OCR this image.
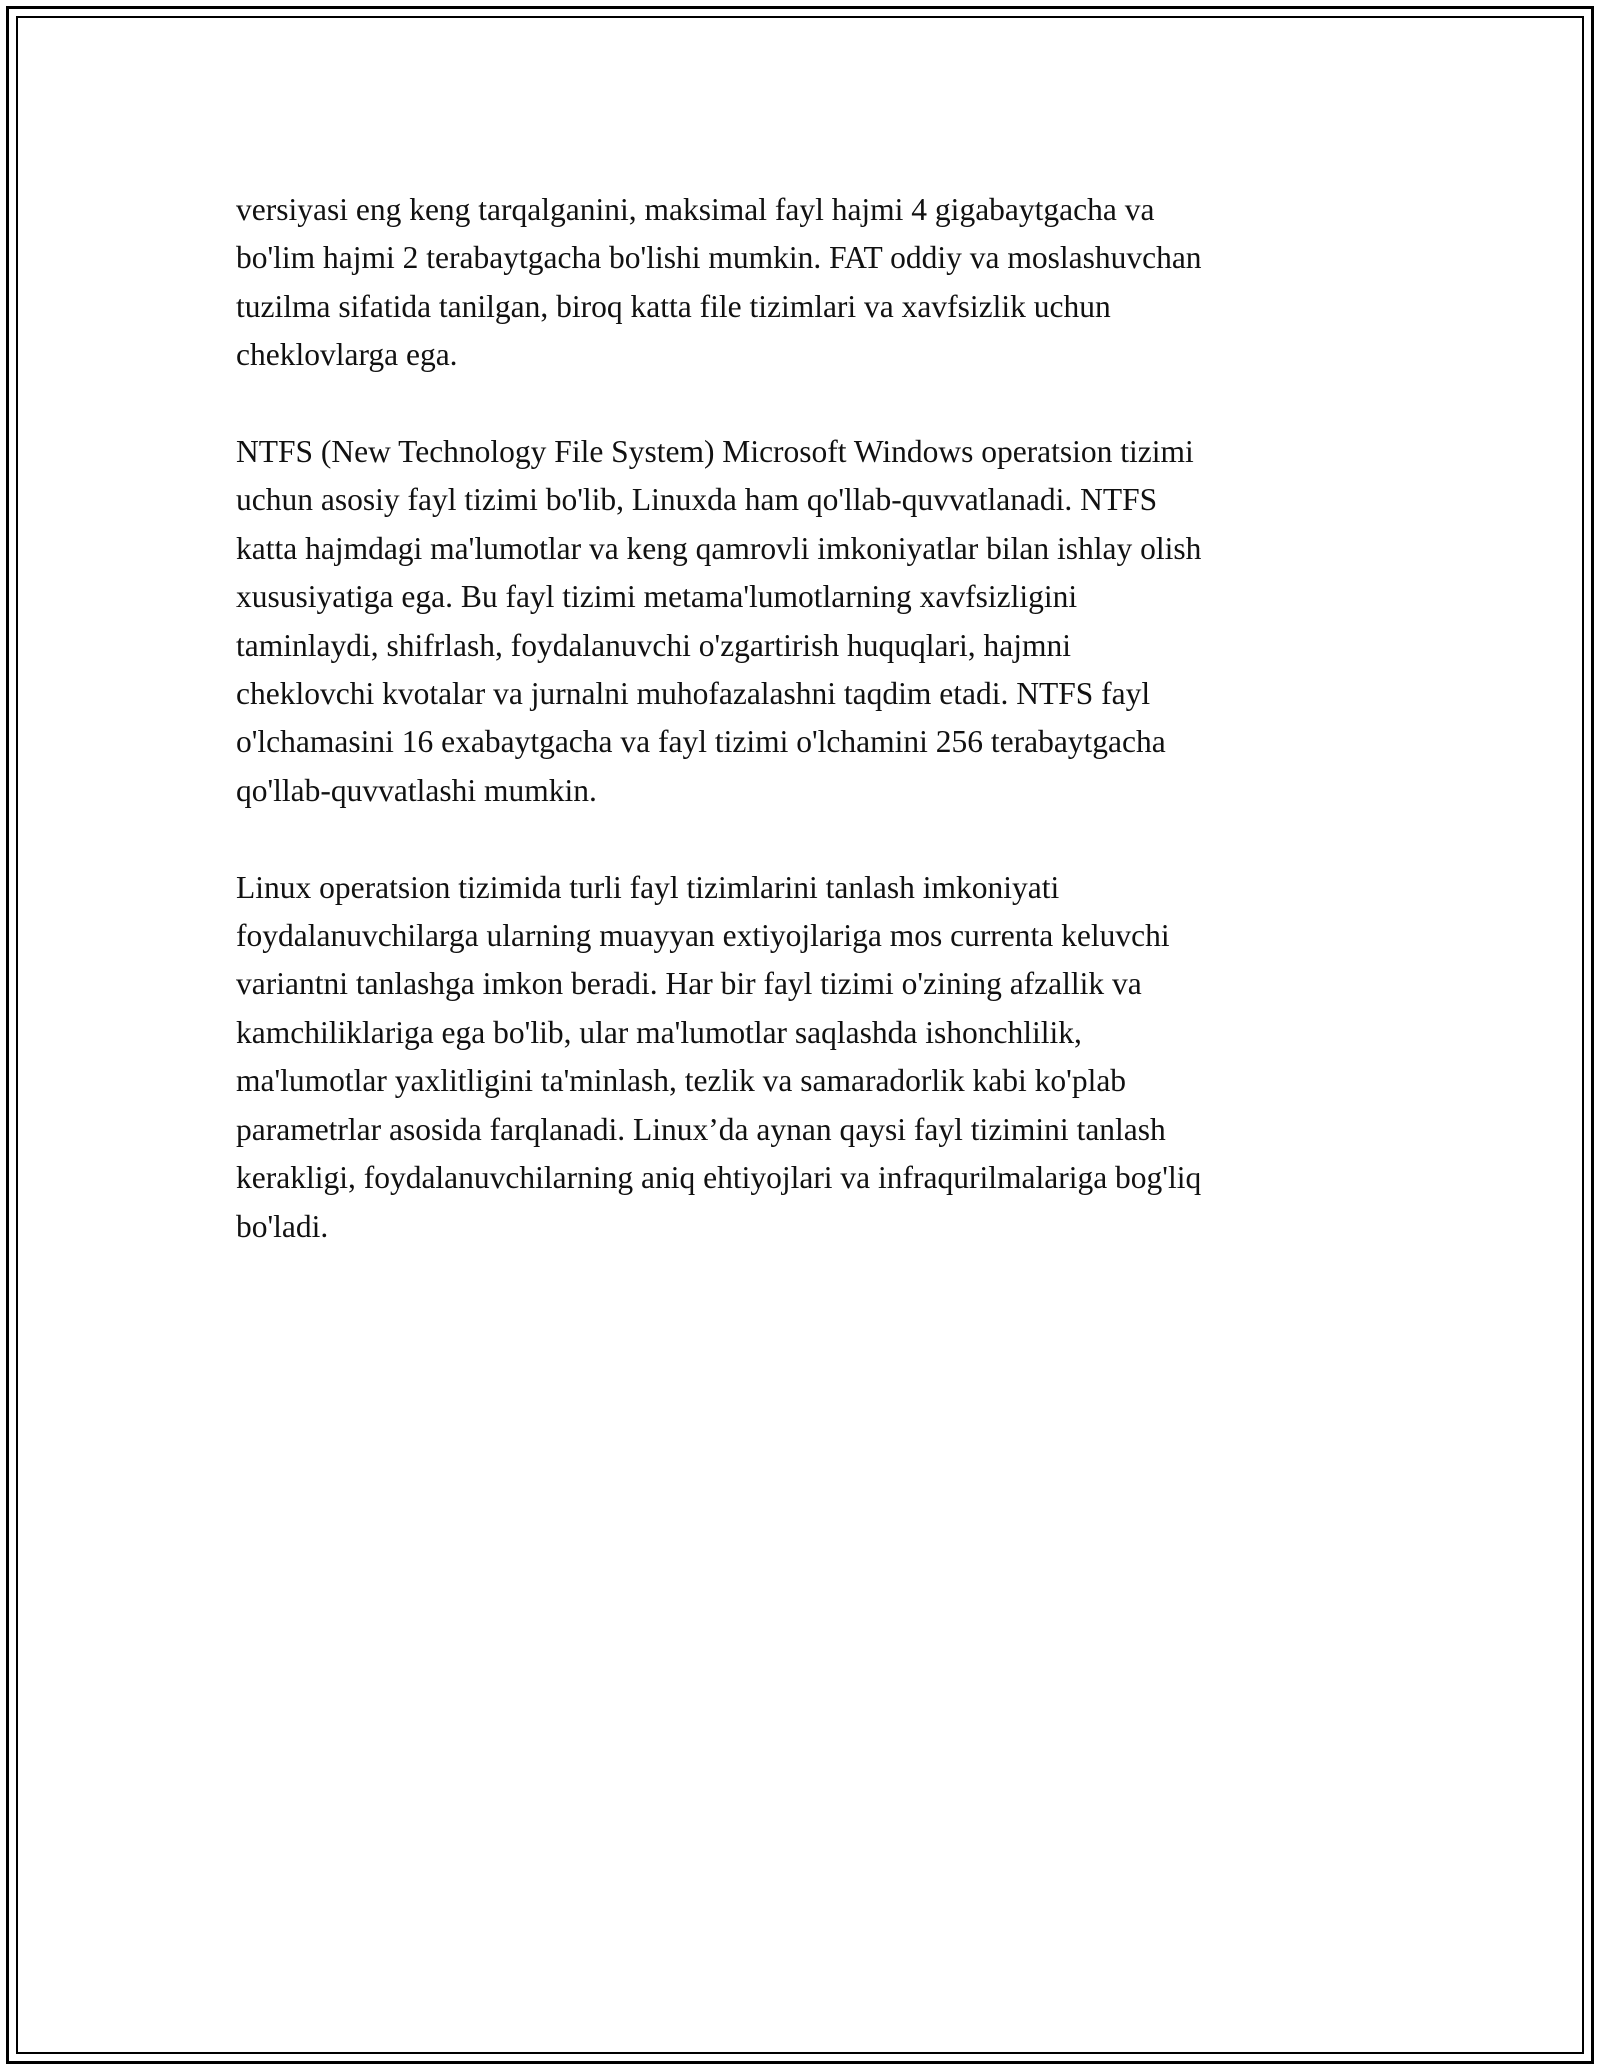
versiyasi eng keng tarqalganini, maksimal fayl hajmi 4 gigabaytgacha va
bo'lim hajmi 2 terabaytgacha bo'lishi mumkin. FAT oddiy va moslashuvchan
tuzilma sifatida tanilgan, biroq katta file tizimlari va xavfsizlik uchun
cheklovlarga ega.

NTFS (New Technology File System) Microsoft Windows operatsion tizimi
uchun asosiy fayl tizimi bo'lib, Linuxda ham qo'llab-quvvatlanadi. NTFS
katta hajmdagi ma'lumotlar va keng qamrovli imkoniyatlar bilan ishlay olish
xususiyatiga ega. Bu fayl tizimi metama'lumotlarning xavfsizligini
taminlaydi, shifrlash, foydalanuvchi o'zgartirish huquqlari, hajmni
cheklovchi kvotalar va jurnalni muhofazalashni taqdim etadi. NTFS fayl
o'lchamasini 16 exabaytgacha va fayl tizimi o'lchamini 256 terabaytgacha
qo'llab-quvvatlashi mumkin.

Linux operatsion tizimida turli fayl tizimlarini tanlash imkoniyati
foydalanuvchilarga ularning muayyan extiyojlariga mos currenta keluvchi
variantni tanlashga imkon beradi. Har bir fayl tizimi o'zining afzallik va
kamchiliklariga ega bo'lib, ular ma'lumotlar saqlashda ishonchlilik,
ma'lumotlar yaxlitligini ta'minlash, tezlik va samaradorlik kabi ko'plab
parametrlar asosida farqlanadi. Linux’da aynan qaysi fayl tizimini tanlash
kerakligi, foydalanuvchilarning aniq ehtiyojlari va infraqurilmalariga bog'liq
bo'ladi.
